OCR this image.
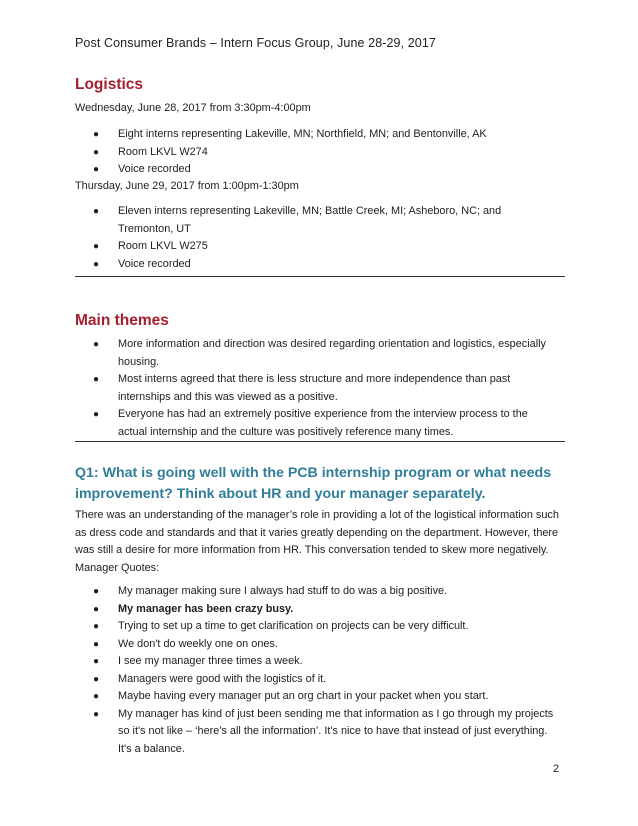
Post Consumer Brands – Intern Focus Group, June 28-29, 2017
Logistics
Wednesday, June 28, 2017 from 3:30pm-4:00pm
● Eight interns representing Lakeville, MN; Northfield, MN; and Bentonville, AK
● Room LKVL W274
● Voice recorded
Thursday, June 29, 2017 from 1:00pm-1:30pm
● Eleven interns representing Lakeville, MN; Battle Creek, MI; Asheboro, NC; and Tremonton, UT
● Room LKVL W275
● Voice recorded
Main themes
● More information and direction was desired regarding orientation and logistics, especially housing.
● Most interns agreed that there is less structure and more independence than past internships and this was viewed as a positive.
● Everyone has had an extremely positive experience from the interview process to the actual internship and the culture was positively reference many times.
Q1: What is going well with the PCB internship program or what needs improvement? Think about HR and your manager separately.
There was an understanding of the manager’s role in providing a lot of the logistical information such as dress code and standards and that it varies greatly depending on the department. However, there was still a desire for more information from HR. This conversation tended to skew more negatively.
Manager Quotes:
● My manager making sure I always had stuff to do was a big positive.
● My manager has been crazy busy.
● Trying to set up a time to get clarification on projects can be very difficult.
● We don't do weekly one on ones.
● I see my manager three times a week.
● Managers were good with the logistics of it.
● Maybe having every manager put an org chart in your packet when you start.
● My manager has kind of just been sending me that information as I go through my projects so it's not like – ‘here's all the information’. It's nice to have that instead of just everything. It's a balance.
2
